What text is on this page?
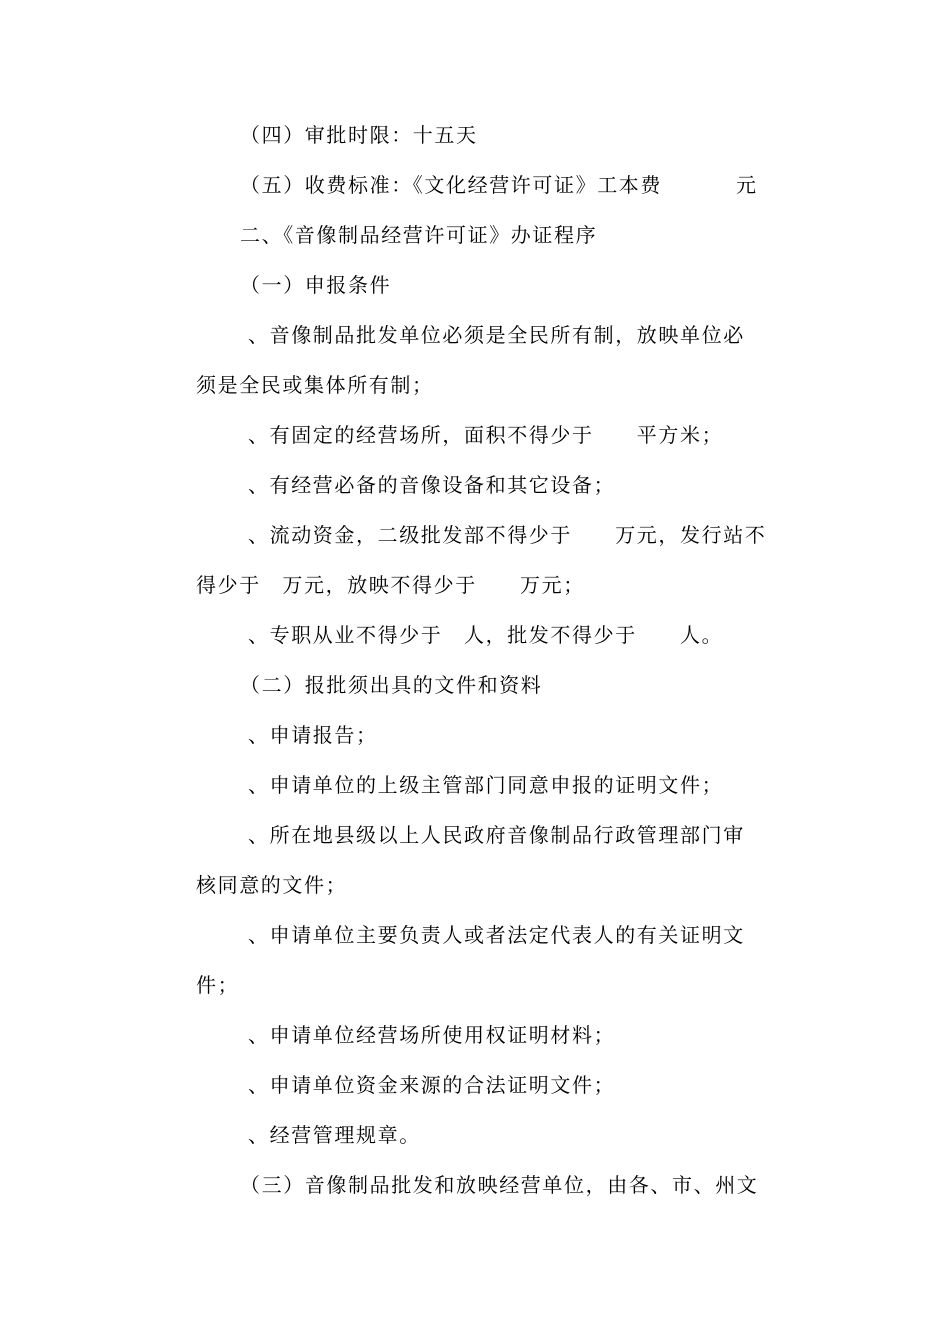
（四）审批时限：十五天
（五）收费标准：《文化经营许可证》工本费	元
二、《音像制品经营许可证》办证程序
（一）申报条件
、音像制品批发单位必须是全民所有制，放映单位必
须是全民或集体所有制；
、有固定的经营场所，面积不得少于　　平方米；
、有经营必备的音像设备和其它设备；
、流动资金，二级批发部不得少于　　万元，发行站不
得少于　万元，放映不得少于　　万元；
、专职从业不得少于　人，批发不得少于　　人。
（二）报批须出具的文件和资料
、申请报告；
、申请单位的上级主管部门同意申报的证明文件；
、所在地县级以上人民政府音像制品行政管理部门审
核同意的文件；
、申请单位主要负责人或者法定代表人的有关证明文
件；
、申请单位经营场所使用权证明材料；
、申请单位资金来源的合法证明文件；
、经营管理规章。
（三）音像制品批发和放映经营单位，由各、市、州文
